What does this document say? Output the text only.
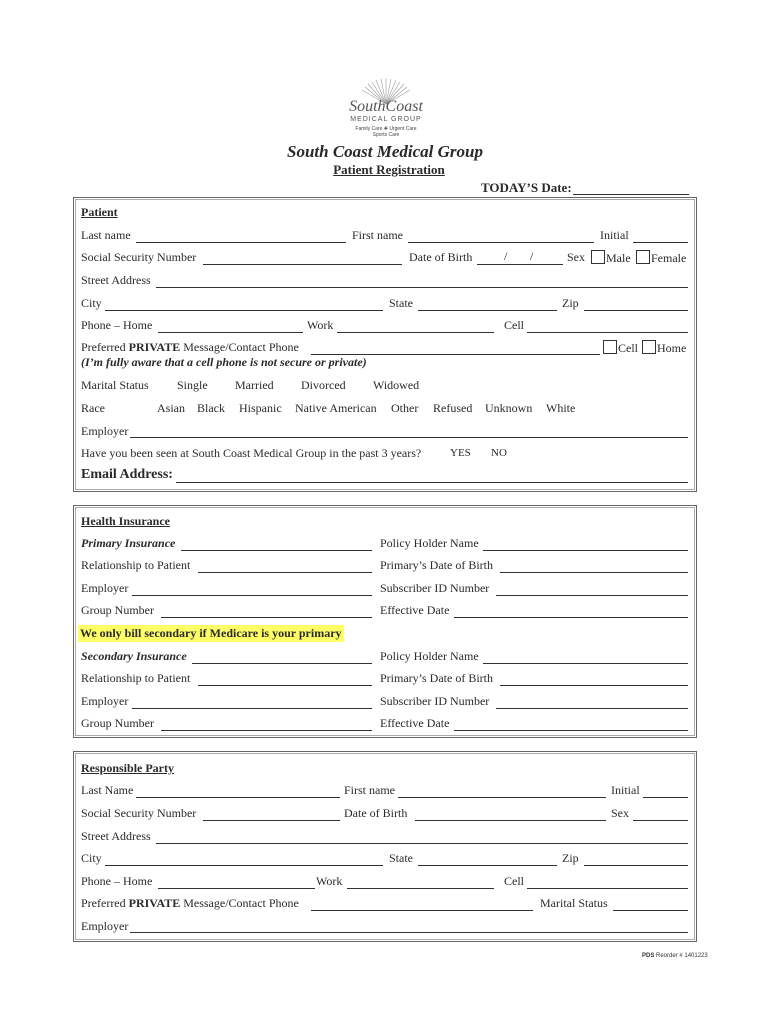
SouthCoast
MEDICAL GROUP
Family Care ✚ Urgent Care
Sports Care
South Coast Medical Group
Patient Registration
TODAY’S Date:
Patient
Last name	First name	Initial
Social Security Number	Date of Birth	/ /	Sex	Male	Female
Street Address
City	State	Zip
Phone – Home	Work	Cell
Preferred PRIVATE Message/Contact Phone	Cell	Home
(I’m fully aware that a cell phone is not secure or private)
Marital Status Single Married Divorced Widowed
Race	Asian Black Hispanic Native American Other Refused Unknown White
Employer
Have you been seen at South Coast Medical Group in the past 3 years?	YES NO
Email Address:
Health Insurance
Primary Insurance	Policy Holder Name
Relationship to Patient	Primary’s Date of Birth
Employer	Subscriber ID Number
Group Number	Effective Date
We only bill secondary if Medicare is your primary
Secondary Insurance	Policy Holder Name
Relationship to Patient	Primary’s Date of Birth
Employer	Subscriber ID Number
Group Number	Effective Date
Responsible Party
Last Name	First name	Initial
Social Security Number	Date of Birth	Sex
Street Address
City	State	Zip
Phone – Home	Work	Cell
Preferred PRIVATE Message/Contact Phone	Marital Status
Employer
PDS Reorder # 1401223
